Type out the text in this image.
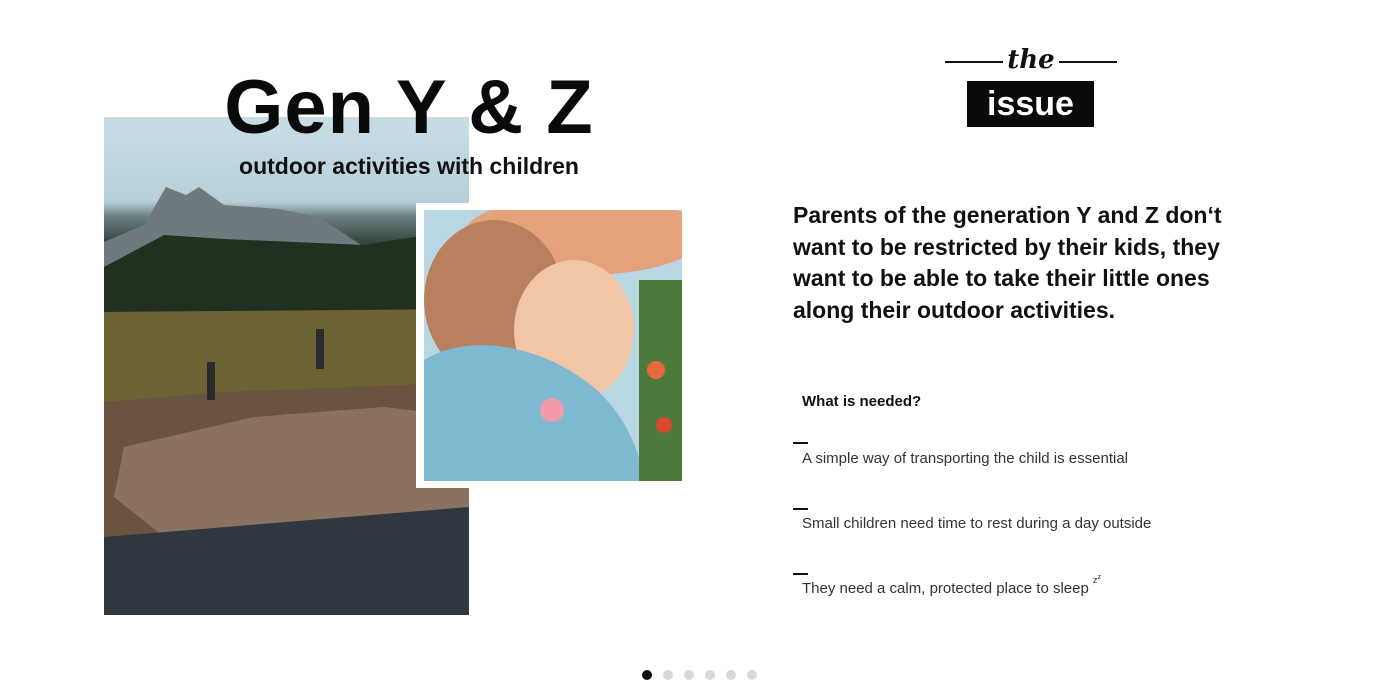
Gen Y & Z
outdoor activities with children
the
issue
Parents of the generation Y and Z don‘t want to be restricted by their kids, they want to be able to take their little ones along their outdoor activities.
What is needed?
A simple way of transporting the child is essential
Small children need time to rest during a day outside
They need a calm, protected place to sleep $^{z^z}$
